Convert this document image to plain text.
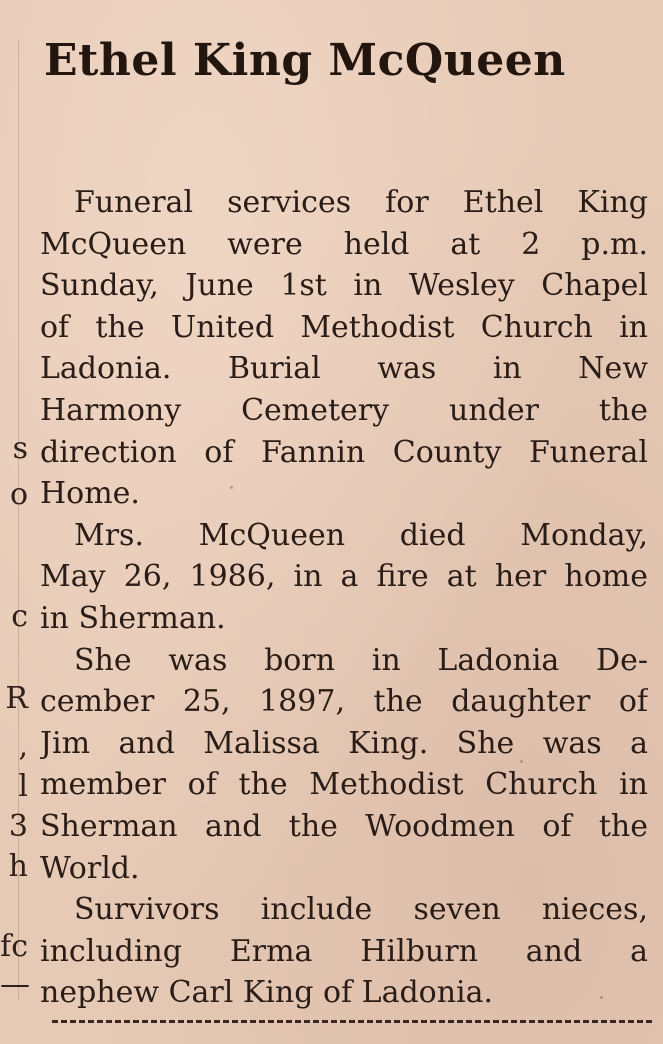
s
o
c
R
,
l
3
h
fc
—
Ethel King McQueen
Funeral services for Ethel King
McQueen were held at 2 p.m.
Sunday, June 1st in Wesley Chapel
of the United Methodist Church in
Ladonia. Burial was in New
Harmony Cemetery under the
direction of Fannin County Funeral
Home.
Mrs. McQueen died Monday,
May 26, 1986, in a fire at her home
in Sherman.
She was born in Ladonia De-
cember 25, 1897, the daughter of
Jim and Malissa King. She was a
member of the Methodist Church in
Sherman and the Woodmen of the
World.
Survivors include seven nieces,
including Erma Hilburn and a
nephew Carl King of Ladonia.
